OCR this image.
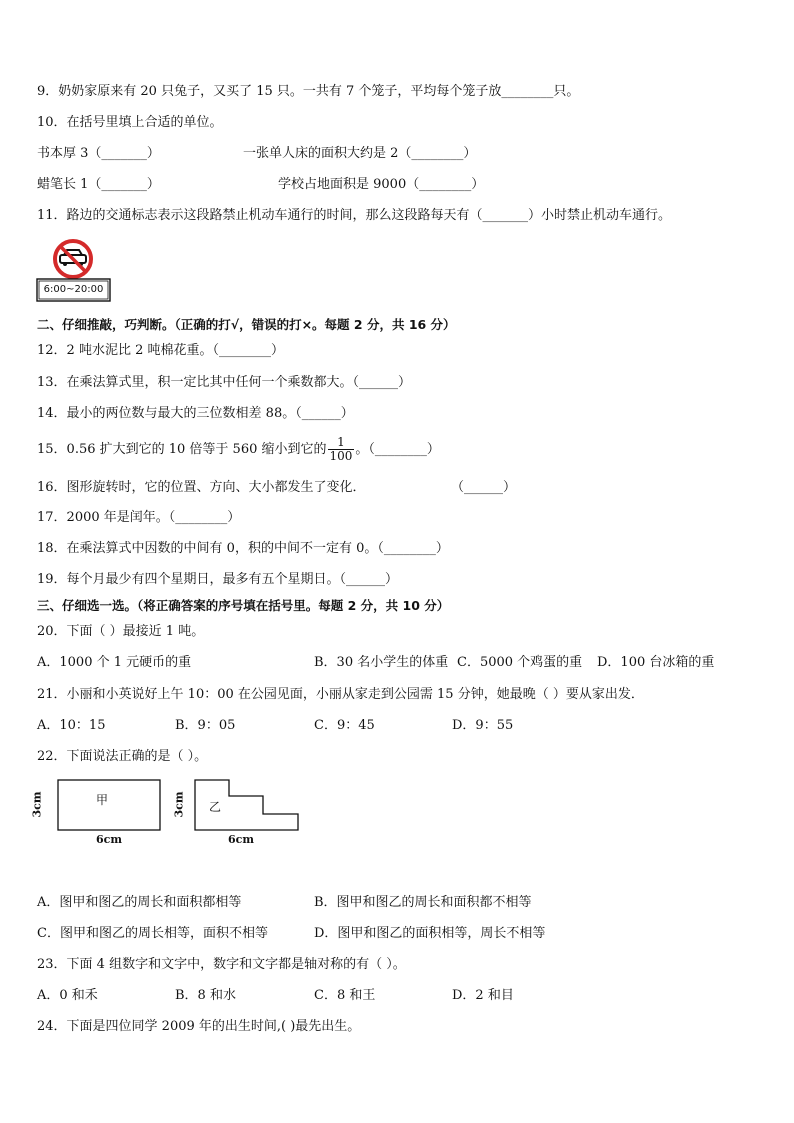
9．奶奶家原来有 20 只兔子，又买了 15 只。一共有 7 个笼子，平均每个笼子放________只。
10．在括号里填上合适的单位。
书本厚 3（_______）	一张单人床的面积大约是 2（________）
蜡笔长 1（_______）	学校占地面积是 9000（________）
11．路边的交通标志表示这段路禁止机动车通行的时间，那么这段路每天有（_______）小时禁止机动车通行。
6:00~20:00
二、仔细推敲，巧判断。（正确的打√，错误的打×。每题 2 分，共 16 分）
12．2 吨水泥比 2 吨棉花重。（________）
13．在乘法算式里，积一定比其中任何一个乘数都大。（______）
14．最小的两位数与最大的三位数相差 88。（______）
15．0.56 扩大到它的 10 倍等于 560 缩小到它的 $\frac{1}{100}$ 。（________）
16．图形旋转时，它的位置、方向、大小都发生了变化．	（______）
17．2000 年是闰年。（________）
18．在乘法算式中因数的中间有 0，积的中间不一定有 0。（________）
19．每个月最少有四个星期日，最多有五个星期日。（______）
三、仔细选一选。（将正确答案的序号填在括号里。每题 2 分，共 10 分）
20．下面（ ）最接近 1 吨。
A．1000 个 1 元硬币的重	B．30 名小学生的体重 C．5000 个鸡蛋的重 D．100 台冰箱的重
21．小丽和小英说好上午 10：00 在公园见面，小丽从家走到公园需 15 分钟，她最晚（ ）要从家出发．
A．10：15	B．9：05	C．9：45	D．9：55
22．下面说法正确的是（ ）。
甲
3cm
6cm
乙
3cm
6cm
A．图甲和图乙的周长和面积都相等	B．图甲和图乙的周长和面积都不相等
C．图甲和图乙的周长相等，面积不相等	D．图甲和图乙的面积相等，周长不相等
23．下面 4 组数字和文字中，数字和文字都是轴对称的有（ ）。
A．0 和禾	B．8 和水	C．8 和王	D．2 和目
24．下面是四位同学 2009 年的出生时间,( )最先出生。
